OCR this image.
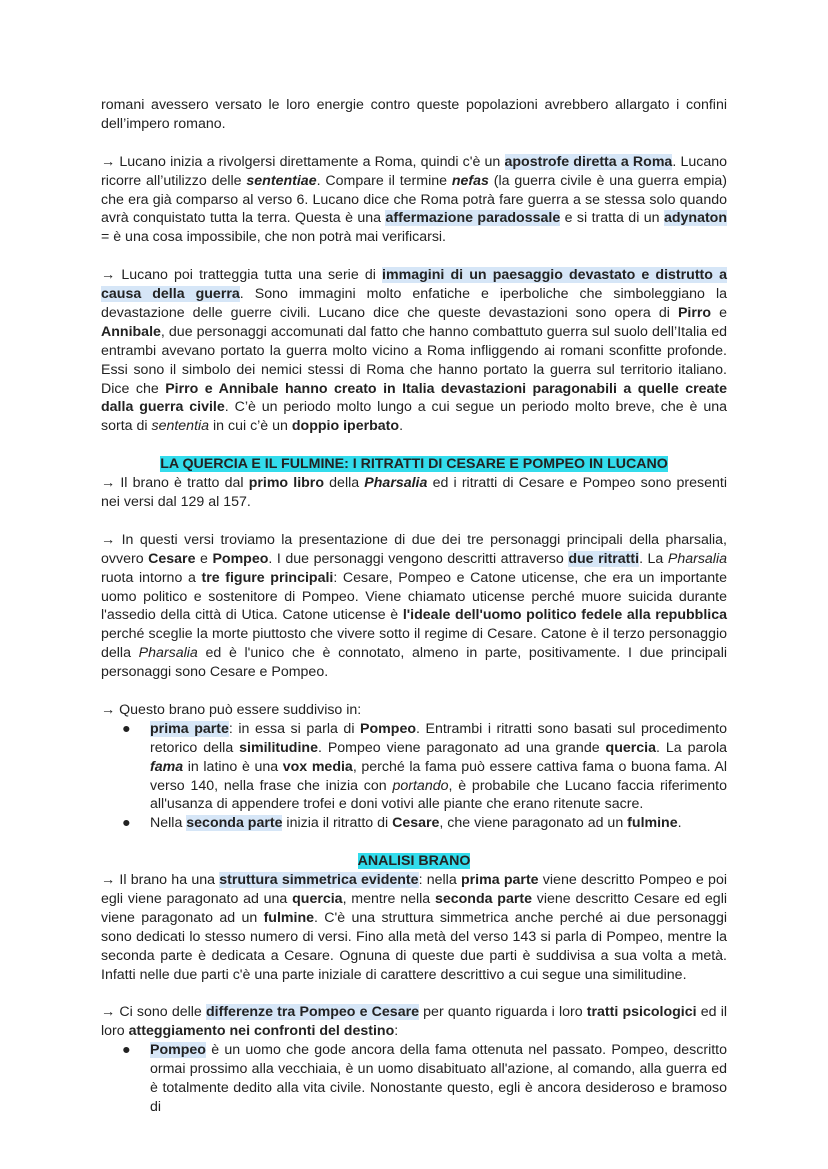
romani avessero versato le loro energie contro queste popolazioni avrebbero allargato i confini dell’impero romano.

→ Lucano inizia a rivolgersi direttamente a Roma, quindi c'è un apostrofe diretta a Roma. Lucano ricorre all’utilizzo delle sententiae. Compare il termine nefas (la guerra civile è una guerra empia) che era già comparso al verso 6. Lucano dice che Roma potrà fare guerra a se stessa solo quando avrà conquistato tutta la terra. Questa è una affermazione paradossale e si tratta di un adynaton = è una cosa impossibile, che non potrà mai verificarsi.

→ Lucano poi tratteggia tutta una serie di immagini di un paesaggio devastato e distrutto a causa della guerra. Sono immagini molto enfatiche e iperboliche che simboleggiano la devastazione delle guerre civili. Lucano dice che queste devastazioni sono opera di Pirro e Annibale, due personaggi accomunati dal fatto che hanno combattuto guerra sul suolo dell’Italia ed entrambi avevano portato la guerra molto vicino a Roma infliggendo ai romani sconfitte profonde. Essi sono il simbolo dei nemici stessi di Roma che hanno portato la guerra sul territorio italiano. Dice che Pirro e Annibale hanno creato in Italia devastazioni paragonabili a quelle create dalla guerra civile. C’è un periodo molto lungo a cui segue un periodo molto breve, che è una sorta di sententia in cui c’è un doppio iperbato.

LA QUERCIA E IL FULMINE: I RITRATTI DI CESARE E POMPEO IN LUCANO

→ Il brano è tratto dal primo libro della Pharsalia ed i ritratti di Cesare e Pompeo sono presenti nei versi dal 129 al 157.

→ In questi versi troviamo la presentazione di due dei tre personaggi principali della pharsalia, ovvero Cesare e Pompeo. I due personaggi vengono descritti attraverso due ritratti. La Pharsalia ruota intorno a tre figure principali: Cesare, Pompeo e Catone uticense, che era un importante uomo politico e sostenitore di Pompeo. Viene chiamato uticense perché muore suicida durante l'assedio della città di Utica. Catone uticense è l'ideale dell'uomo politico fedele alla repubblica perché sceglie la morte piuttosto che vivere sotto il regime di Cesare. Catone è il terzo personaggio della Pharsalia ed è l'unico che è connotato, almeno in parte, positivamente. I due principali personaggi sono Cesare e Pompeo.

→ Questo brano può essere suddiviso in:

● prima parte: in essa si parla di Pompeo. Entrambi i ritratti sono basati sul procedimento retorico della similitudine. Pompeo viene paragonato ad una grande quercia. La parola fama in latino è una vox media, perché la fama può essere cattiva fama o buona fama. Al verso 140, nella frase che inizia con portando, è probabile che Lucano faccia riferimento all'usanza di appendere trofei e doni votivi alle piante che erano ritenute sacre.
● Nella seconda parte inizia il ritratto di Cesare, che viene paragonato ad un fulmine.

ANALISI BRANO

→ Il brano ha una struttura simmetrica evidente: nella prima parte viene descritto Pompeo e poi egli viene paragonato ad una quercia, mentre nella seconda parte viene descritto Cesare ed egli viene paragonato ad un fulmine. C'è una struttura simmetrica anche perché ai due personaggi sono dedicati lo stesso numero di versi. Fino alla metà del verso 143 si parla di Pompeo, mentre la seconda parte è dedicata a Cesare. Ognuna di queste due parti è suddivisa a sua volta a metà. Infatti nelle due parti c'è una parte iniziale di carattere descrittivo a cui segue una similitudine.

→ Ci sono delle differenze tra Pompeo e Cesare per quanto riguarda i loro tratti psicologici ed il loro atteggiamento nei confronti del destino:

● Pompeo è un uomo che gode ancora della fama ottenuta nel passato. Pompeo, descritto ormai prossimo alla vecchiaia, è un uomo disabituato all'azione, al comando, alla guerra ed è totalmente dedito alla vita civile. Nonostante questo, egli è ancora desideroso e bramoso di
